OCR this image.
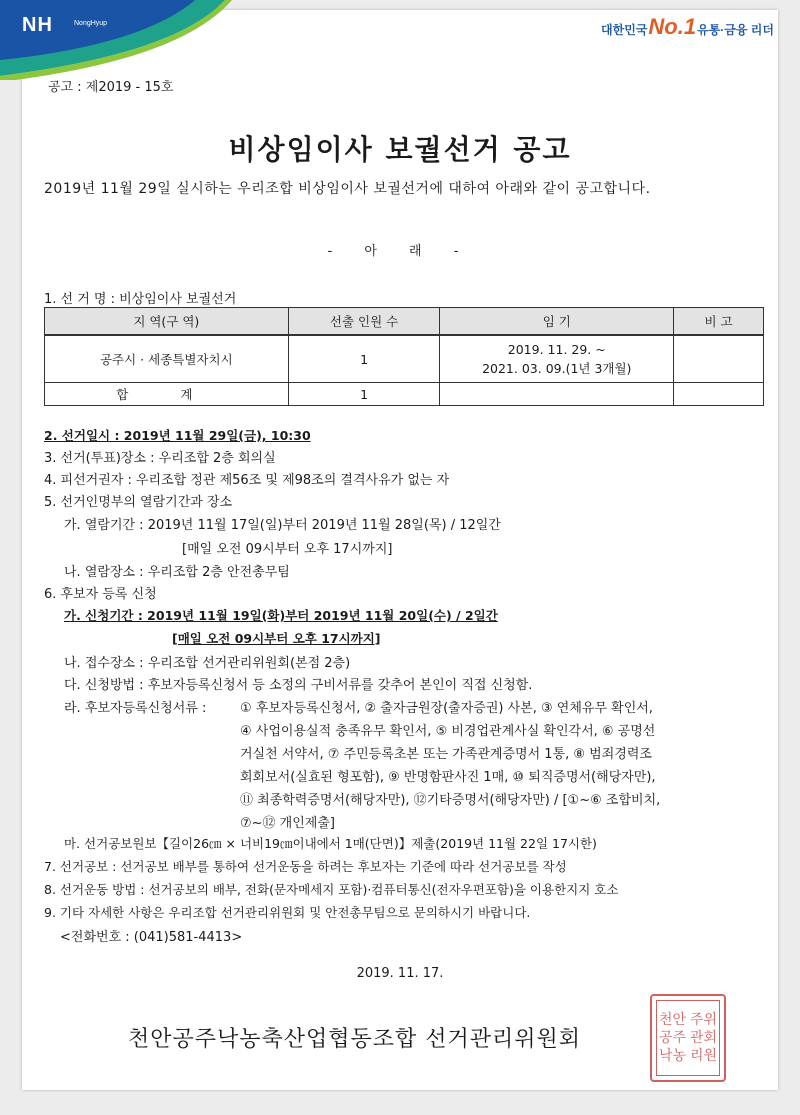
NH	NongHyup	대한민국No.1유통·금융 리더
공고 : 제2019 - 15호
비상임이사 보궐선거 공고
2019년 11월 29일 실시하는 우리조합 비상임이사 보궐선거에 대하여 아래와 같이 공고합니다.
- 아 래 -
1. 선 거 명 : 비상임이사 보궐선거
지 역(구 역)	선출 인원 수	임 기	비 고
공주시 · 세종특별자치시	1	2019. 11. 29. ~
2021. 03. 09.(1년 3개월)	
합 계	1		
2. 선거일시 : 2019년 11월 29일(금), 10:30
3. 선거(투표)장소 : 우리조합 2층 회의실
4. 피선거권자 : 우리조합 정관 제56조 및 제98조의 결격사유가 없는 자
5. 선거인명부의 열람기간과 장소
가. 열람기간 : 2019년 11월 17일(일)부터 2019년 11월 28일(목) / 12일간
[매일 오전 09시부터 오후 17시까지]
나. 열람장소 : 우리조합 2층 안전총무팀
6. 후보자 등록 신청
가. 신청기간 : 2019년 11월 19일(화)부터 2019년 11월 20일(수) / 2일간
[매일 오전 09시부터 오후 17시까지]
나. 접수장소 : 우리조합 선거관리위원회(본점 2층)
다. 신청방법 : 후보자등록신청서 등 소정의 구비서류를 갖추어 본인이 직접 신청함.
라. 후보자등록신청서류 :	① 후보자등록신청서, ② 출자금원장(출자증권) 사본, ③ 연체유무 확인서,
④ 사업이용실적 충족유무 확인서, ⑤ 비경업관계사실 확인각서, ⑥ 공명선
거실천 서약서, ⑦ 주민등록초본 또는 가족관계증명서 1통, ⑧ 범죄경력조
회회보서(실효된 형포함), ⑨ 반명함판사진 1매, ⑩ 퇴직증명서(해당자만),
⑪ 최종학력증명서(해당자만), ⑫기타증명서(해당자만) / [①~⑥ 조합비치,
⑦~⑫ 개인제출]
마. 선거공보원보【길이26㎝ × 너비19㎝이내에서 1매(단면)】제출(2019년 11월 22일 17시한)
7. 선거공보 : 선거공보 배부를 통하여 선거운동을 하려는 후보자는 기준에 따라 선거공보를 작성
8. 선거운동 방법 : 선거공보의 배부, 전화(문자메세지 포함)·컴퓨터통신(전자우편포함)을 이용한지지 호소
9. 기타 자세한 사항은 우리조합 선거관리위원회 및 안전총무팀으로 문의하시기 바랍니다.
<전화번호 : (041)581-4413>
2019. 11. 17.
천안공주낙농축산업협동조합 선거관리위원회
천안 주위
공주 관회
낙농 리원
